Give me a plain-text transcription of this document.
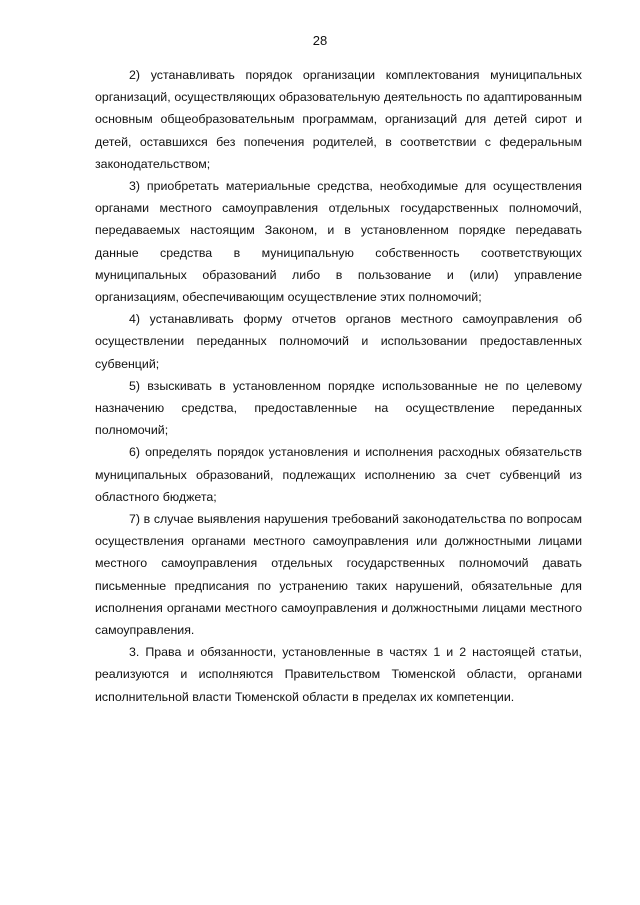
28

2) устанавливать порядок организации комплектования муниципальных организаций, осуществляющих образовательную деятельность по адаптированным основным общеобразовательным программам, организаций для детей сирот и детей, оставшихся без попечения родителей, в соответствии с федеральным законодательством;

3) приобретать материальные средства, необходимые для осуществления органами местного самоуправления отдельных государственных полномочий, передаваемых настоящим Законом, и в установленном порядке передавать данные средства в муниципальную собственность соответствующих муниципальных образований либо в пользование и (или) управление организациям, обеспечивающим осуществление этих полномочий;

4) устанавливать форму отчетов органов местного самоуправления об осуществлении переданных полномочий и использовании предоставленных субвенций;

5) взыскивать в установленном порядке использованные не по целевому назначению средства, предоставленные на осуществление переданных полномочий;

6) определять порядок установления и исполнения расходных обязательств муниципальных образований, подлежащих исполнению за счет субвенций из областного бюджета;

7) в случае выявления нарушения требований законодательства по вопросам осуществления органами местного самоуправления или должностными лицами местного самоуправления отдельных государственных полномочий давать письменные предписания по устранению таких нарушений, обязательные для исполнения органами местного самоуправления и должностными лицами местного самоуправления.

3. Права и обязанности, установленные в частях 1 и 2 настоящей статьи, реализуются и исполняются Правительством Тюменской области, органами исполнительной власти Тюменской области в пределах их компетенции.
